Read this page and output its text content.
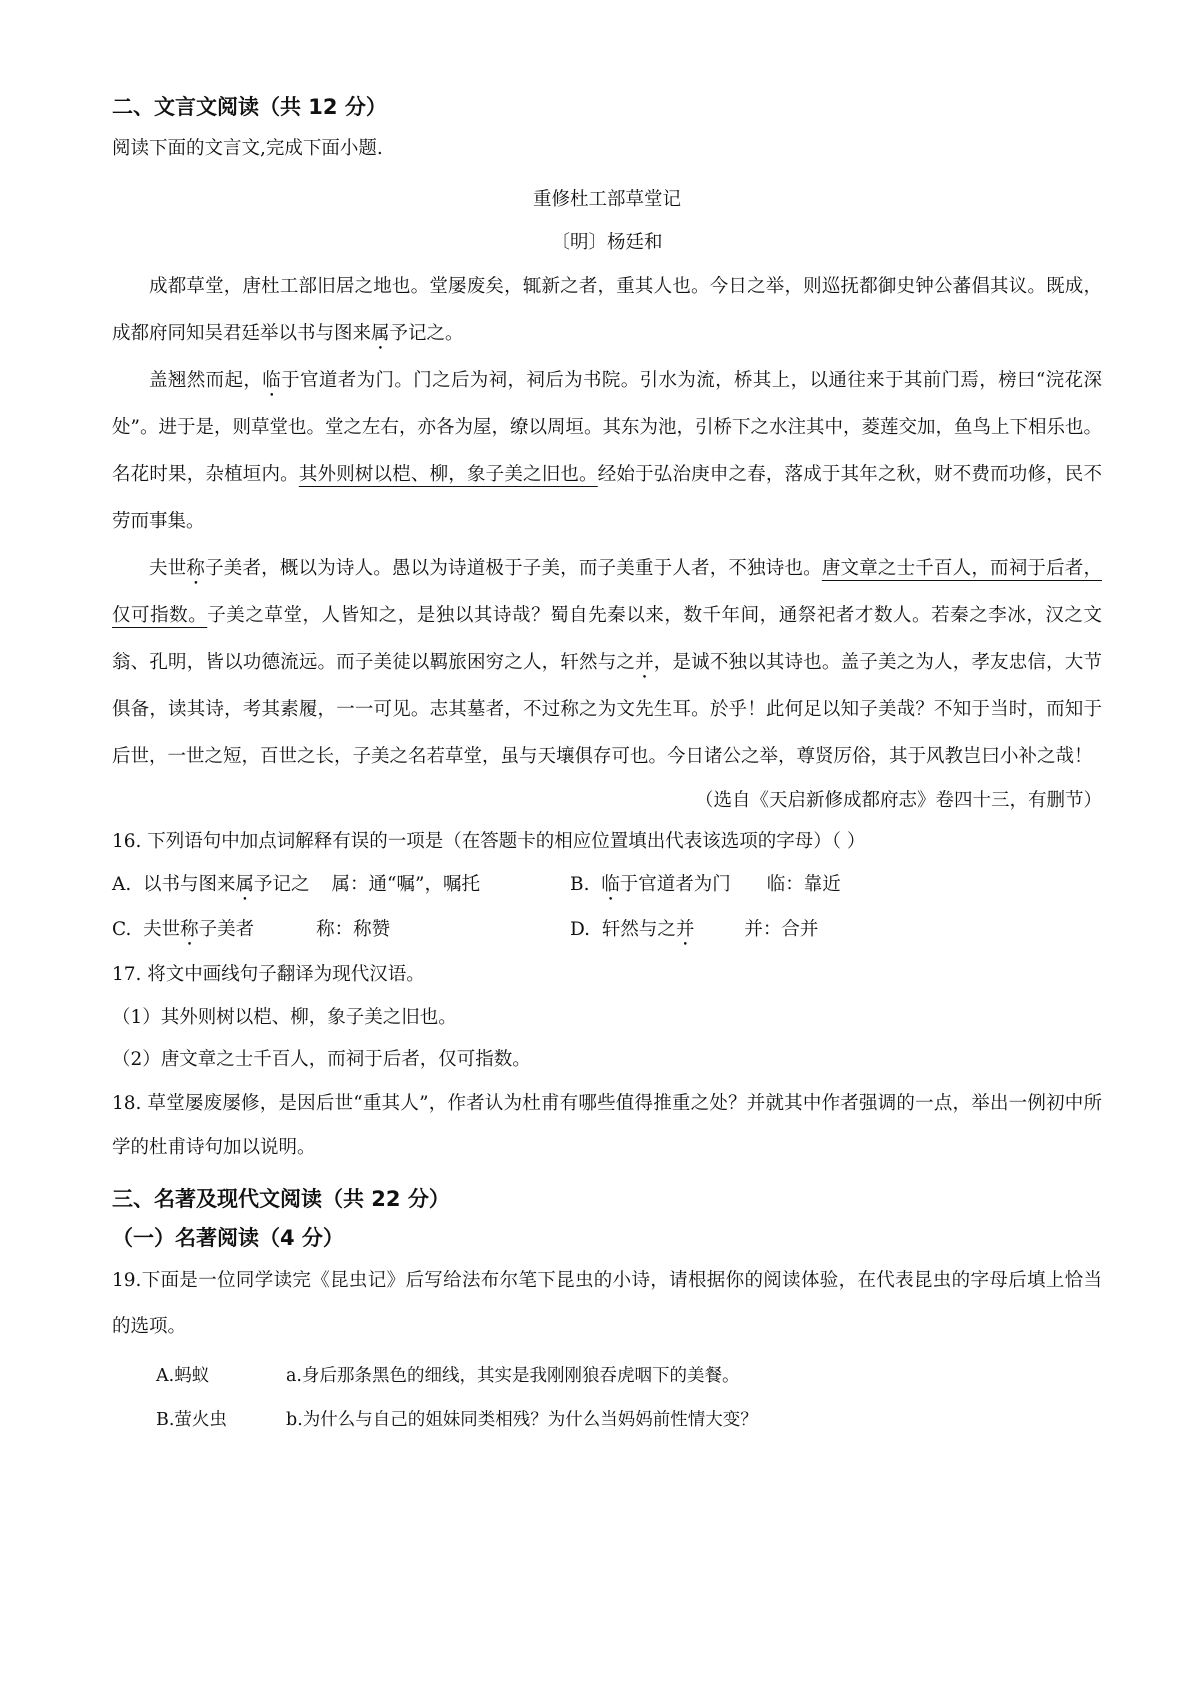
二、文言文阅读（共 12 分）
阅读下面的文言文,完成下面小题.
重修杜工部草堂记
〔明〕杨廷和
成都草堂，唐杜工部旧居之地也。堂屡废矣，辄新之者，重其人也。今日之举，则巡抚都御史钟公蕃倡其议。既成，成都府同知吴君廷举以书与图来属予记之。
盖翘然而起，临于官道者为门。门之后为祠，祠后为书院。引水为流，桥其上，以通往来于其前门焉，榜曰“浣花深处”。进于是，则草堂也。堂之左右，亦各为屋，缭以周垣。其东为池，引桥下之水注其中，菱莲交加，鱼鸟上下相乐也。名花时果，杂植垣内。其外则树以桤、柳，象子美之旧也。经始于弘治庚申之春，落成于其年之秋，财不费而功修，民不劳而事集。
夫世称子美者，概以为诗人。愚以为诗道极于子美，而子美重于人者，不独诗也。唐文章之士千百人，而祠于后者，仅可指数。子美之草堂，人皆知之，是独以其诗哉？蜀自先秦以来，数千年间，通祭祀者才数人。若秦之李冰，汉之文翁、孔明，皆以功德流远。而子美徒以羁旅困穷之人，轩然与之并，是诚不独以其诗也。盖子美之为人，孝友忠信，大节俱备，读其诗，考其素履，一一可见。志其墓者，不过称之为文先生耳。於乎！此何足以知子美哉？不知于当时，而知于后世，一世之短，百世之长，子美之名若草堂，虽与天壤俱存可也。今日诸公之举，尊贤厉俗，其于风教岂曰小补之哉！
（选自《天启新修成都府志》卷四十三，有删节）
16. 下列语句中加点词解释有误的一项是（在答题卡的相应位置填出代表该选项的字母）（ ）
A.  以书与图来 属 予记之 属：通“嘱”，嘱托	B. 临 于官道者为门 临：靠近
C.  夫世 称 子美者	称：称赞	D.  轩然与之 并	并：合并
17. 将文中画线句子翻译为现代汉语。
（1）其外则树以桤、柳，象子美之旧也。
（2）唐文章之士千百人，而祠于后者，仅可指数。
18. 草堂屡废屡修，是因后世“重其人”，作者认为杜甫有哪些值得推重之处？并就其中作者强调的一点，举出一例初中所学的杜甫诗句加以说明。
三、名著及现代文阅读（共 22 分）
（一）名著阅读（4 分）
19.下面是一位同学读完《昆虫记》后写给法布尔笔下昆虫的小诗，请根据你的阅读体验，在代表昆虫的字母后填上恰当的选项。
A.蚂蚁	a.身后那条黑色的细线，其实是我刚刚狼吞虎咽下的美餐。
B.萤火虫	b.为什么与自己的姐妹同类相残？为什么当妈妈前性情大变？
